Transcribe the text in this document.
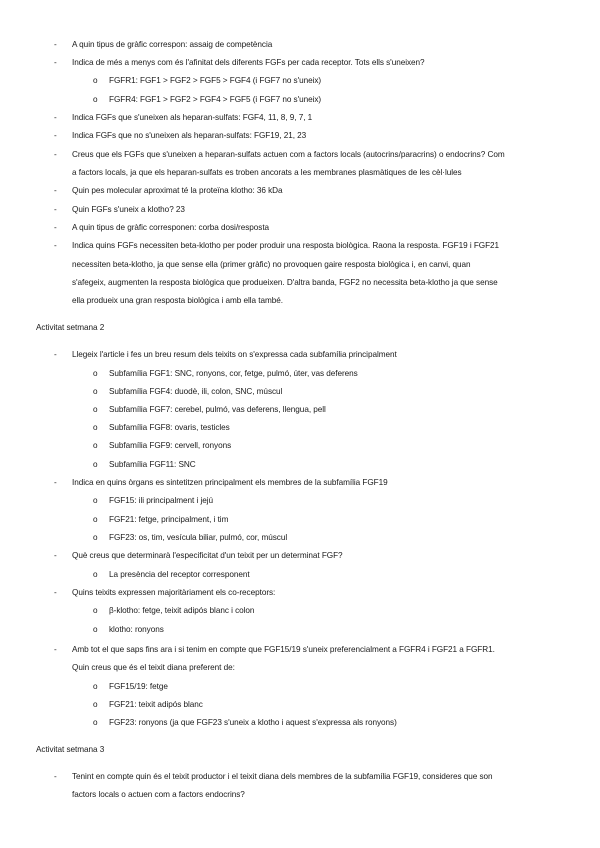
- A quin tipus de gràfic correspon: assaig de competència
- Indica de més a menys com és l'afinitat dels diferents FGFs per cada receptor. Tots ells s'uneixen?
o FGFR1: FGF1 > FGF2 > FGF5 > FGF4 (i FGF7 no s'uneix)
o FGFR4: FGF1 > FGF2 > FGF4 > FGF5 (i FGF7 no s'uneix)
- Indica FGFs que s'uneixen als heparan-sulfats: FGF4, 11, 8, 9, 7, 1
- Indica FGFs que no s'uneixen als heparan-sulfats: FGF19, 21, 23
- Creus que els FGFs que s'uneixen a heparan-sulfats actuen com a factors locals (autocrins/paracrins) o endocrins? Com
a factors locals, ja que els heparan-sulfats es troben ancorats a les membranes plasmàtiques de les cèl·lules
- Quin pes molecular aproximat té la proteïna klotho: 36 kDa
- Quin FGFs s'uneix a klotho? 23
- A quin tipus de gràfic corresponen: corba dosi/resposta
- Indica quins FGFs necessiten beta-klotho per poder produir una resposta biològica. Raona la resposta. FGF19 i FGF21
necessiten beta-klotho, ja que sense ella (primer gràfic) no provoquen gaire resposta biològica i, en canvi, quan
s'afegeix, augmenten la resposta biològica que produeixen. D'altra banda, FGF2 no necessita beta-klotho ja que sense
ella produeix una gran resposta biològica i amb ella també.
Activitat setmana 2
- Llegeix l'article i fes un breu resum dels teixits on s'expressa cada subfamília principalment
o Subfamília FGF1: SNC, ronyons, cor, fetge, pulmó, úter, vas deferens
o Subfamília FGF4: duodè, ili, colon, SNC, múscul
o Subfamília FGF7: cerebel, pulmó, vas deferens, llengua, pell
o Subfamília FGF8: ovaris, testicles
o Subfamília FGF9: cervell, ronyons
o Subfamília FGF11: SNC
- Indica en quins òrgans es sintetitzen principalment els membres de la subfamília FGF19
o FGF15: ili principalment i jejú
o FGF21: fetge, principalment, i tim
o FGF23: os, tim, vesícula biliar, pulmó, cor, múscul
- Què creus que determinarà l'especificitat d'un teixit per un determinat FGF?
o La presència del receptor corresponent
- Quins teixits expressen majoritàriament els co-receptors:
o β-klotho: fetge, teixit adipós blanc i colon
o klotho: ronyons
- Amb tot el que saps fins ara i si tenim en compte que FGF15/19 s'uneix preferencialment a FGFR4 i FGF21 a FGFR1.
Quin creus que és el teixit diana preferent de:
o FGF15/19: fetge
o FGF21: teixit adipós blanc
o FGF23: ronyons (ja que FGF23 s'uneix a klotho i aquest s'expressa als ronyons)
Activitat setmana 3
- Tenint en compte quin és el teixit productor i el teixit diana dels membres de la subfamília FGF19, consideres que son
factors locals o actuen com a factors endocrins?
